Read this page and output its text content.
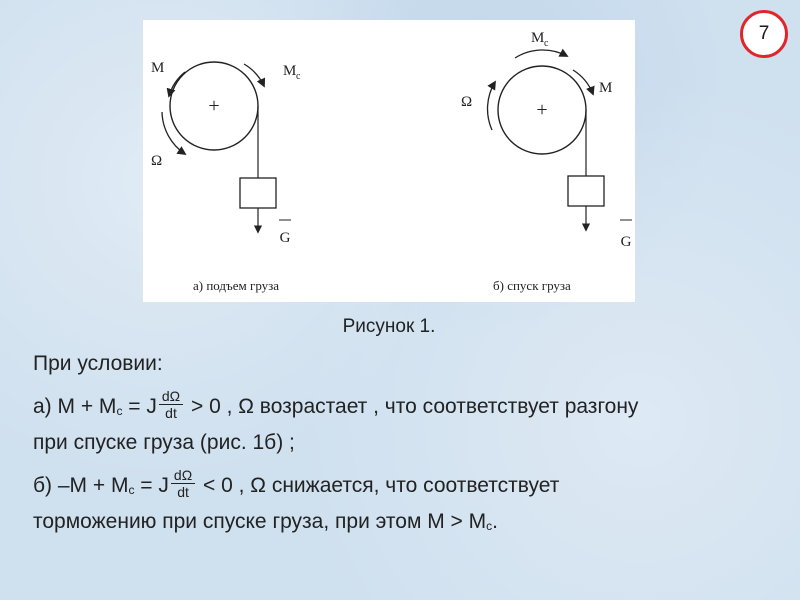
7
+
G
M	M c
Ω
а) подъем груза
+
G
M c
M
Ω
б) спуск груза
Рисунок 1.
При условии:
а) $M + M_c = J \frac{d\Omega}{dt} > 0$ , Ω возрастает , что соответствует разгону
при спуске груза (рис. 1б) ;
б) $-M + M_c = J \frac{d\Omega}{dt} < 0$ , Ω снижается, что соответствует
торможению при спуске груза, при этом $M > M_c$.
